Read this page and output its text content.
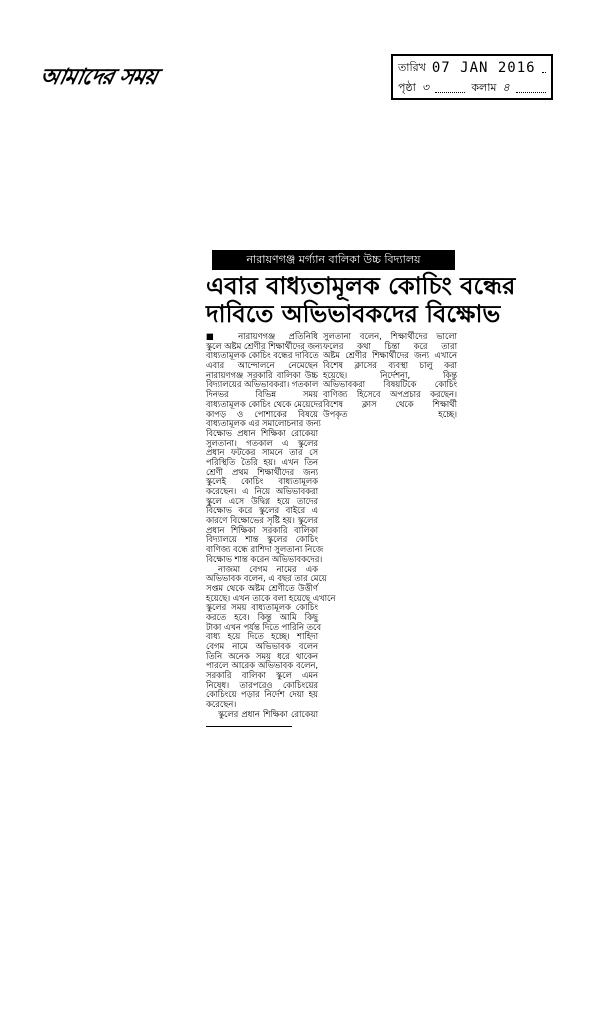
আমাদের সময়	তারিখ 07 JAN 2016
পৃষ্ঠা ৩	কলাম ৪
নারায়ণগঞ্জ মর্গ্যান বালিকা উচ্চ বিদ্যালয়
এবার বাধ্যতামূলক কোচিং বন্ধের
দাবিতে অভিভাবকদের বিক্ষোভ
■ নারায়ণগঞ্জ প্রতিনিধি
স্কুলে অষ্টম শ্রেণীর শিক্ষার্থীদের জন্য
বাধ্যতামূলক কোচিং বন্ধের দাবিতে
এবার আন্দোলনে নেমেছেন
নারায়ণগঞ্জ সরকারি বালিকা উচ্চ
বিদ্যালয়ের অভিভাবকরা। গতকাল
দিনভর বিভিন্ন সময়
বাধ্যতামূলক কোচিং থেকে মেয়েদের
কাপড় ও পোশাকের বিষয়ে
বাধ্যতামূলক এর সমালোচনার জন্য
বিক্ষোভ প্রধান শিক্ষিকা রোকেয়া
সুলতানা। গতকাল এ স্কুলের
প্রধান ফটকের সামনে তার সে
পরিস্থিতি তৈরি হয়। এখন তিন
শ্রেণী প্রথম শিক্ষার্থীদের জন্য
স্কুলেই কোচিং বাধ্যতামূলক
করেছেন। এ নিয়ে অভিভাবকরা
স্কুলে এসে উদ্বিগ্ন হয়ে তাদের
বিক্ষোভ করে স্কুলের বাইরে এ
কারণে বিক্ষোভের সৃষ্টি হয়। স্কুলের
প্রধান শিক্ষিকা সরকারি বালিকা
বিদ্যালয়ে শান্ত স্কুলের কোচিং
বাণিজ্য বন্ধে রাশিদা সুলতানা নিজে
বিক্ষোভ শান্ত করেন অভিভাবকদের।
নাজমা বেগম নামের এক
অভিভাবক বলেন, এ বছর তার মেয়ে
সপ্তম থেকে অষ্টম শ্রেণীতে উত্তীর্ণ
হয়েছে। এখন তাকে বলা হয়েছে এখানে
স্কুলের সময় বাধ্যতামূলক কোচিং
করতে হবে। কিন্তু আমি কিছু
টাকা এখন পর্যন্ত দিতে পারিনি তবে
বাধ্য হয়ে দিতে হচ্ছে। শাহিদা
বেগম নামে অভিভাবক বলেন
তিনি অনেক সময় ধরে থাকেন
পারলে আরেক অভিভাবক বলেন,
সরকারি বালিকা স্কুলে এমন
নিষেধ। তারপরেও কোচিংয়ের
কোচিংয়ে পড়ার নির্দেশ দেয়া হয়
করেছেন।
স্কুলের প্রধান শিক্ষিকা রোকেয়া
সুলতানা বলেন, শিক্ষার্থীদের ভালো
ফলের কথা চিন্তা করে তারা
অষ্টম শ্রেণীর শিক্ষার্থীদের জন্য এখানে
বিশেষ ক্লাসের ব্যবস্থা চালু করা
হয়েছে। নির্দেশনা, কিন্তু
অভিভাবকরা বিষয়টিকে কোচিং
বাণিজ্য হিসেবে অপপ্রচার করছেন।
বিশেষ ক্লাস থেকে শিক্ষার্থী
উপকৃত হচ্ছে।
